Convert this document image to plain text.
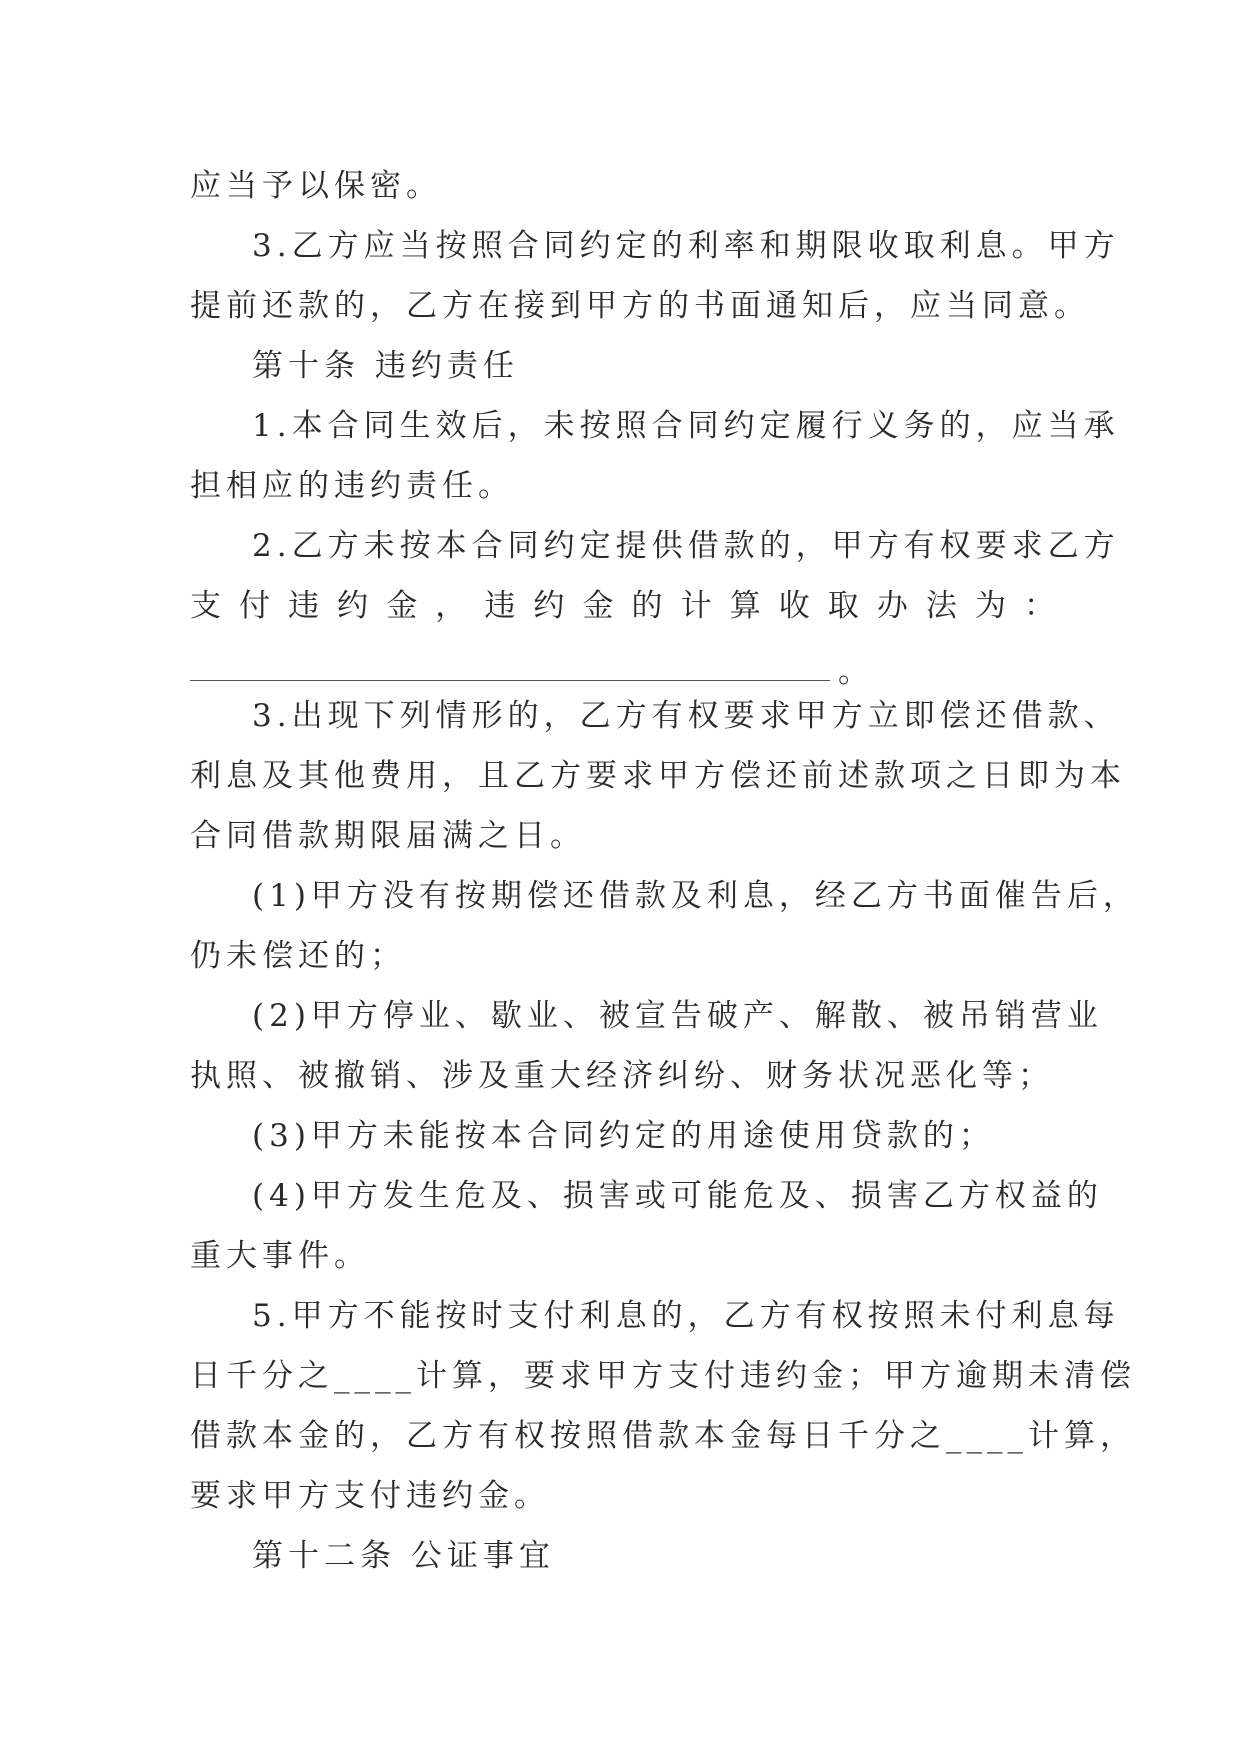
应当予以保密。
3.乙方应当按照合同约定的利率和期限收取利息。甲方
提前还款的，乙方在接到甲方的书面通知后，应当同意。
第十条 违约责任
1.本合同生效后，未按照合同约定履行义务的，应当承
担相应的违约责任。
2.乙方未按本合同约定提供借款的，甲方有权要求乙方
支付违约金，违约金的计算收取办法为：
。
3.出现下列情形的，乙方有权要求甲方立即偿还借款、
利息及其他费用，且乙方要求甲方偿还前述款项之日即为本
合同借款期限届满之日。
(1)甲方没有按期偿还借款及利息，经乙方书面催告后，
仍未偿还的；
(2)甲方停业、歇业、被宣告破产、解散、被吊销营业
执照、被撤销、涉及重大经济纠纷、财务状况恶化等；
(3)甲方未能按本合同约定的用途使用贷款的；
(4)甲方发生危及、损害或可能危及、损害乙方权益的
重大事件。
5.甲方不能按时支付利息的，乙方有权按照未付利息每
日千分之____计算，要求甲方支付违约金；甲方逾期未清偿
借款本金的，乙方有权按照借款本金每日千分之____计算，
要求甲方支付违约金。
第十二条 公证事宜
